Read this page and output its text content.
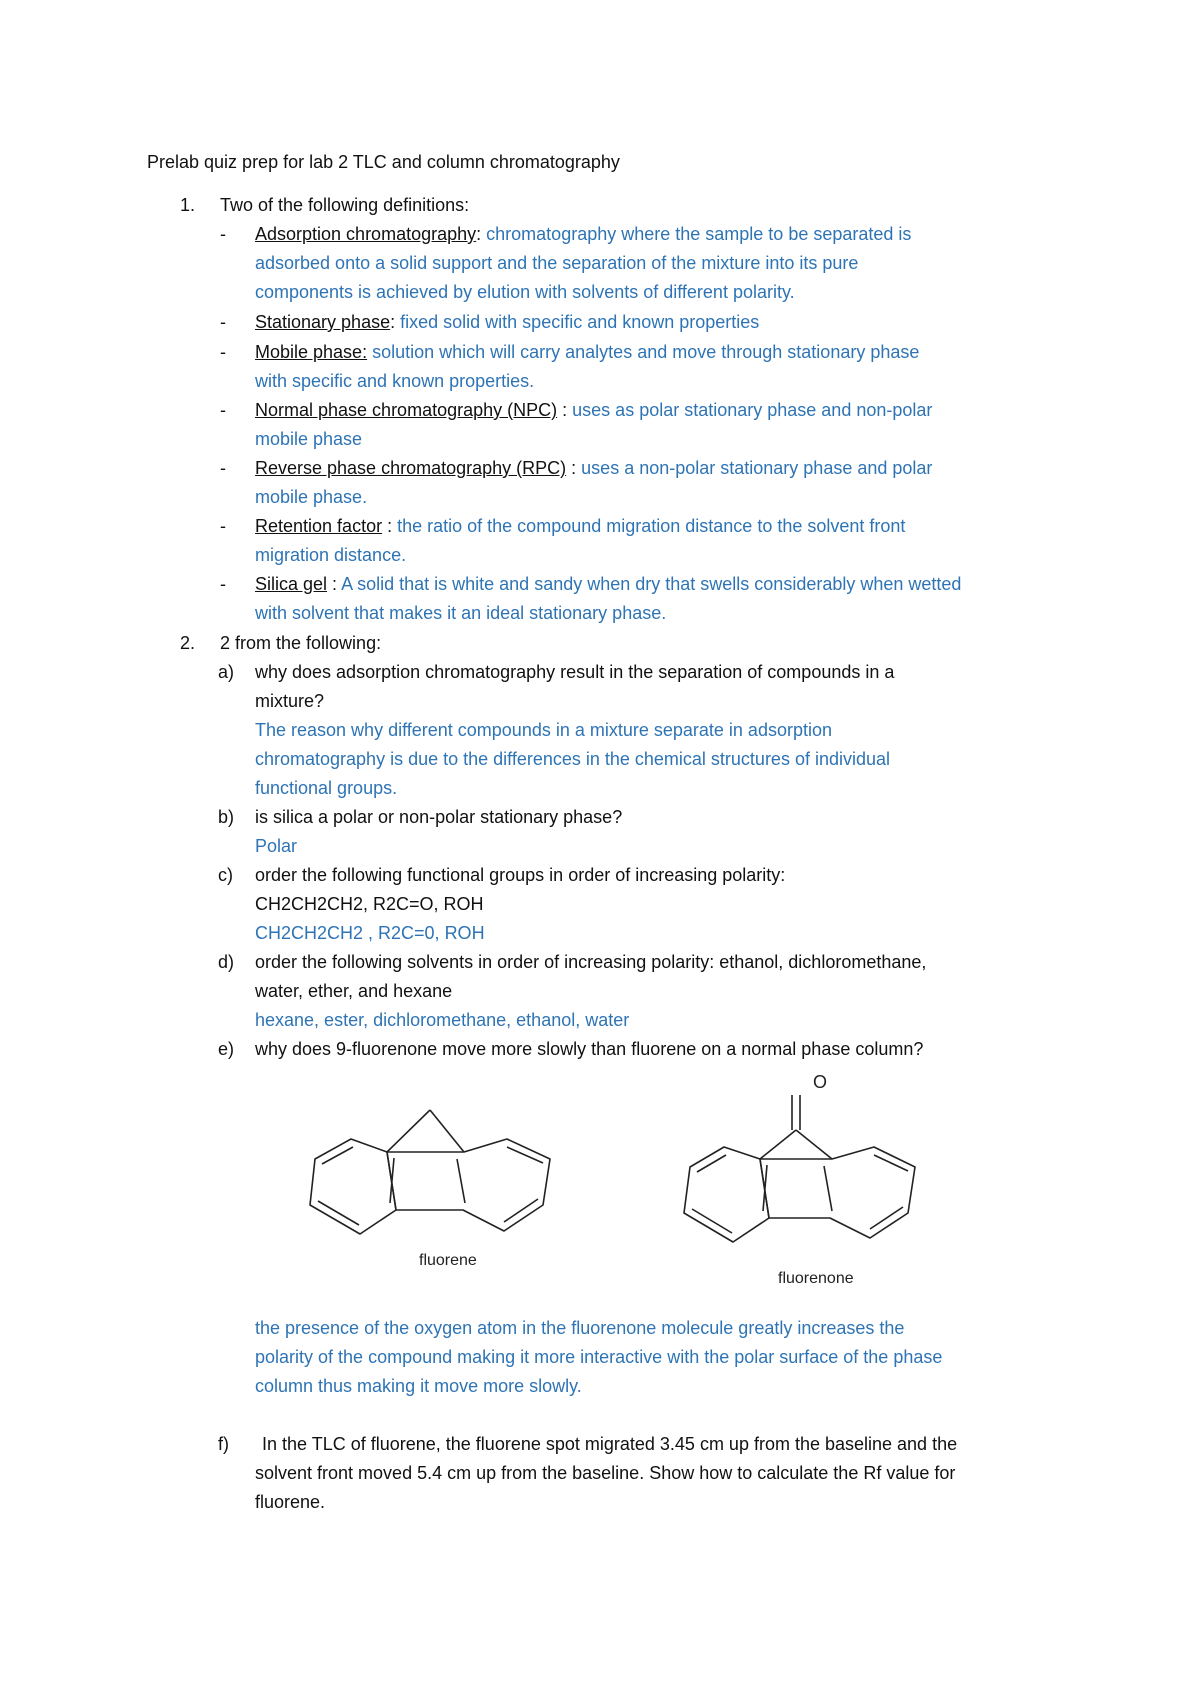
Prelab quiz prep for lab 2 TLC and column chromatography
1.	Two of the following definitions:
- Adsorption chromatography: chromatography where the sample to be separated is
adsorbed onto a solid support and the separation of the mixture into its pure
components is achieved by elution with solvents of different polarity.
- Stationary phase: fixed solid with specific and known properties
- Mobile phase: solution which will carry analytes and move through stationary phase
with specific and known properties.
- Normal phase chromatography (NPC) : uses as polar stationary phase and non-polar
mobile phase
- Reverse phase chromatography (RPC) : uses a non-polar stationary phase and polar
mobile phase.
- Retention factor : the ratio of the compound migration distance to the solvent front
migration distance.
- Silica gel : A solid that is white and sandy when dry that swells considerably when wetted
with solvent that makes it an ideal stationary phase.
2.	2 from the following:
a) why does adsorption chromatography result in the separation of compounds in a
mixture?
The reason why different compounds in a mixture separate in adsorption
chromatography is due to the differences in the chemical structures of individual
functional groups.
b) is silica a polar or non-polar stationary phase?
Polar
c) order the following functional groups in order of increasing polarity:
CH2CH2CH2, R2C=O, ROH
CH2CH2CH2 , R2C=0, ROH
d) order the following solvents in order of increasing polarity: ethanol, dichloromethane,
water, ether, and hexane
hexane, ester, dichloromethane, ethanol, water
e) why does 9-fluorenone move more slowly than fluorene on a normal phase column?
fluorene
O
fluorenone
the presence of the oxygen atom in the fluorenone molecule greatly increases the
polarity of the compound making it more interactive with the polar surface of the phase
column thus making it move more slowly.
f) In the TLC of fluorene, the fluorene spot migrated 3.45 cm up from the baseline and the
solvent front moved 5.4 cm up from the baseline. Show how to calculate the Rf value for
fluorene.
